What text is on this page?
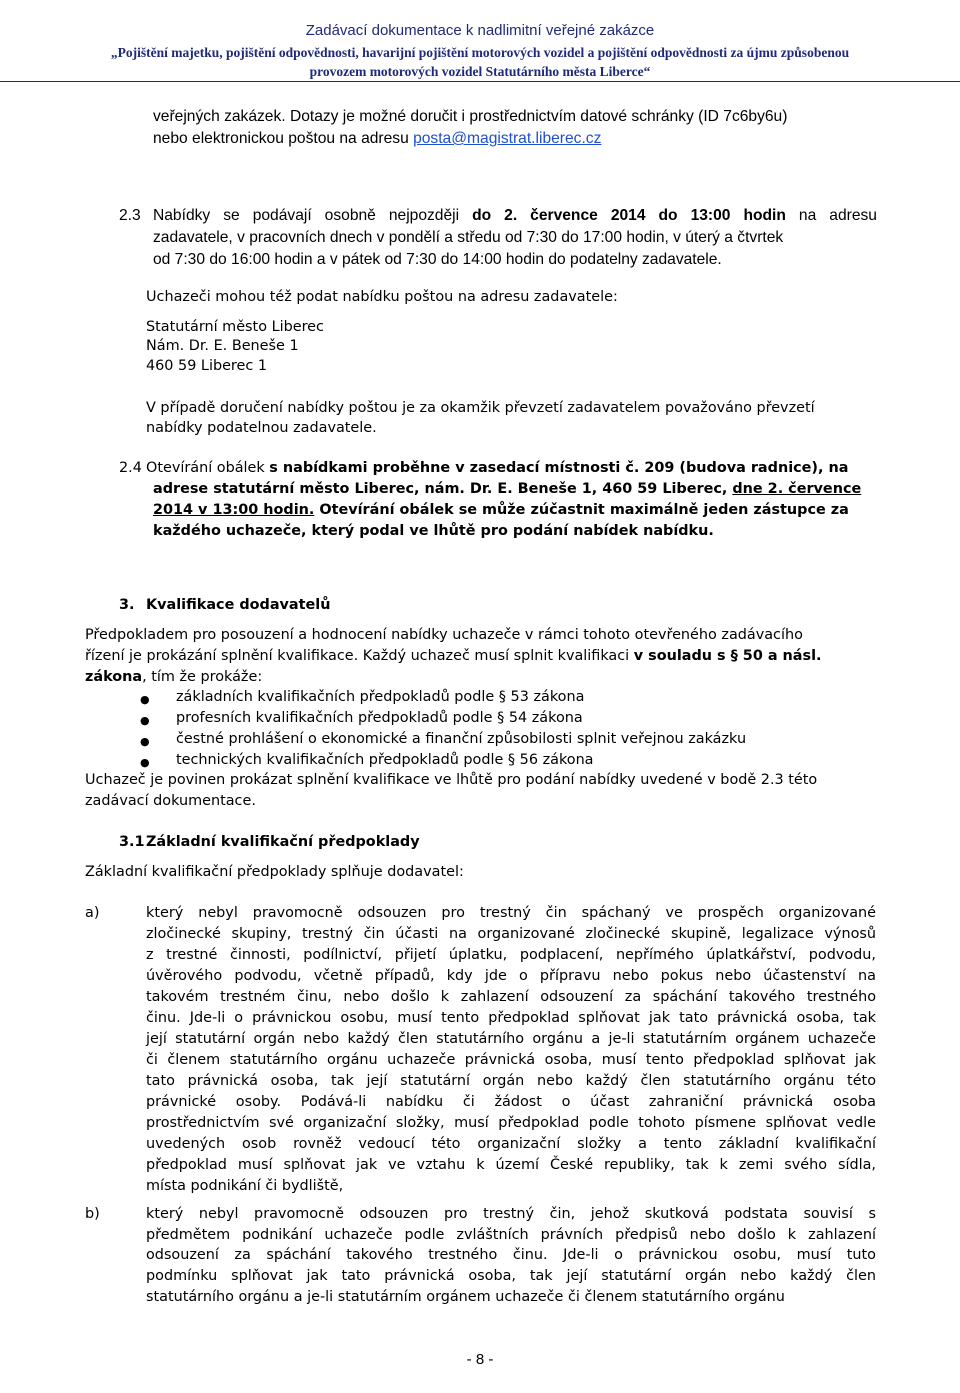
Zadávací dokumentace k nadlimitní veřejné zakázce
„Pojištění majetku, pojištění odpovědnosti, havarijní pojištění motorových vozidel a pojištění odpovědnosti za újmu způsobenou
provozem motorových vozidel Statutárního města Liberce“
veřejných zakázek. Dotazy je možné doručit i prostřednictvím datové schránky (ID 7c6by6u)
nebo elektronickou poštou na adresu posta@magistrat.liberec.cz
2.3 Nabídky se podávají osobně nejpozději do 2. července 2014 do 13:00 hodin na adresu
zadavatele, v pracovních dnech v pondělí a středu od 7:30 do 17:00 hodin, v úterý a čtvrtek
od 7:30 do 16:00 hodin a v pátek od 7:30 do 14:00 hodin do podatelny zadavatele.
Uchazeči mohou též podat nabídku poštou na adresu zadavatele:
Statutární město Liberec
Nám. Dr. E. Beneše 1
460 59 Liberec 1
V případě doručení nabídky poštou je za okamžik převzetí zadavatelem považováno převzetí
nabídky podatelnou zadavatele.
2.4 Otevírání obálek s nabídkami proběhne v zasedací místnosti č. 209 (budova radnice), na
adrese statutární město Liberec, nám. Dr. E. Beneše 1, 460 59 Liberec, dne 2. července
2014 v 13:00 hodin. Otevírání obálek se může zúčastnit maximálně jeden zástupce za
každého uchazeče, který podal ve lhůtě pro podání nabídek nabídku.
3. Kvalifikace dodavatelů
Předpokladem pro posouzení a hodnocení nabídky uchazeče v rámci tohoto otevřeného zadávacího
řízení je prokázání splnění kvalifikace. Každý uchazeč musí splnit kvalifikaci v souladu s § 50 a násl.
zákona, tím že prokáže:
● základních kvalifikačních předpokladů podle § 53 zákona
● profesních kvalifikačních předpokladů podle § 54 zákona
● čestné prohlášení o ekonomické a finanční způsobilosti splnit veřejnou zakázku
● technických kvalifikačních předpokladů podle § 56 zákona
Uchazeč je povinen prokázat splnění kvalifikace ve lhůtě pro podání nabídky uvedené v bodě 2.3 této
zadávací dokumentace.
3.1 Základní kvalifikační předpoklady
Základní kvalifikační předpoklady splňuje dodavatel:
a)	který nebyl pravomocně odsouzen pro trestný čin spáchaný ve prospěch organizované
zločinecké skupiny, trestný čin účasti na organizované zločinecké skupině, legalizace výnosů
z trestné činnosti, podílnictví, přijetí úplatku, podplacení, nepřímého úplatkářství, podvodu,
úvěrového podvodu, včetně případů, kdy jde o přípravu nebo pokus nebo účastenství na
takovém trestném činu, nebo došlo k zahlazení odsouzení za spáchání takového trestného
činu. Jde-li o právnickou osobu, musí tento předpoklad splňovat jak tato právnická osoba, tak
její statutární orgán nebo každý člen statutárního orgánu a je-li statutárním orgánem uchazeče
či členem statutárního orgánu uchazeče právnická osoba, musí tento předpoklad splňovat jak
tato právnická osoba, tak její statutární orgán nebo každý člen statutárního orgánu této
právnické osoby. Podává-li nabídku či žádost o účast zahraniční právnická osoba
prostřednictvím své organizační složky, musí předpoklad podle tohoto písmene splňovat vedle
uvedených osob rovněž vedoucí této organizační složky a tento základní kvalifikační
předpoklad musí splňovat jak ve vztahu k území České republiky, tak k zemi svého sídla,
místa podnikání či bydliště,
b)	který nebyl pravomocně odsouzen pro trestný čin, jehož skutková podstata souvisí s
předmětem podnikání uchazeče podle zvláštních právních předpisů nebo došlo k zahlazení
odsouzení za spáchání takového trestného činu. Jde-li o právnickou osobu, musí tuto
podmínku splňovat jak tato právnická osoba, tak její statutární orgán nebo každý člen
statutárního orgánu a je-li statutárním orgánem uchazeče či členem statutárního orgánu
- 8 -
